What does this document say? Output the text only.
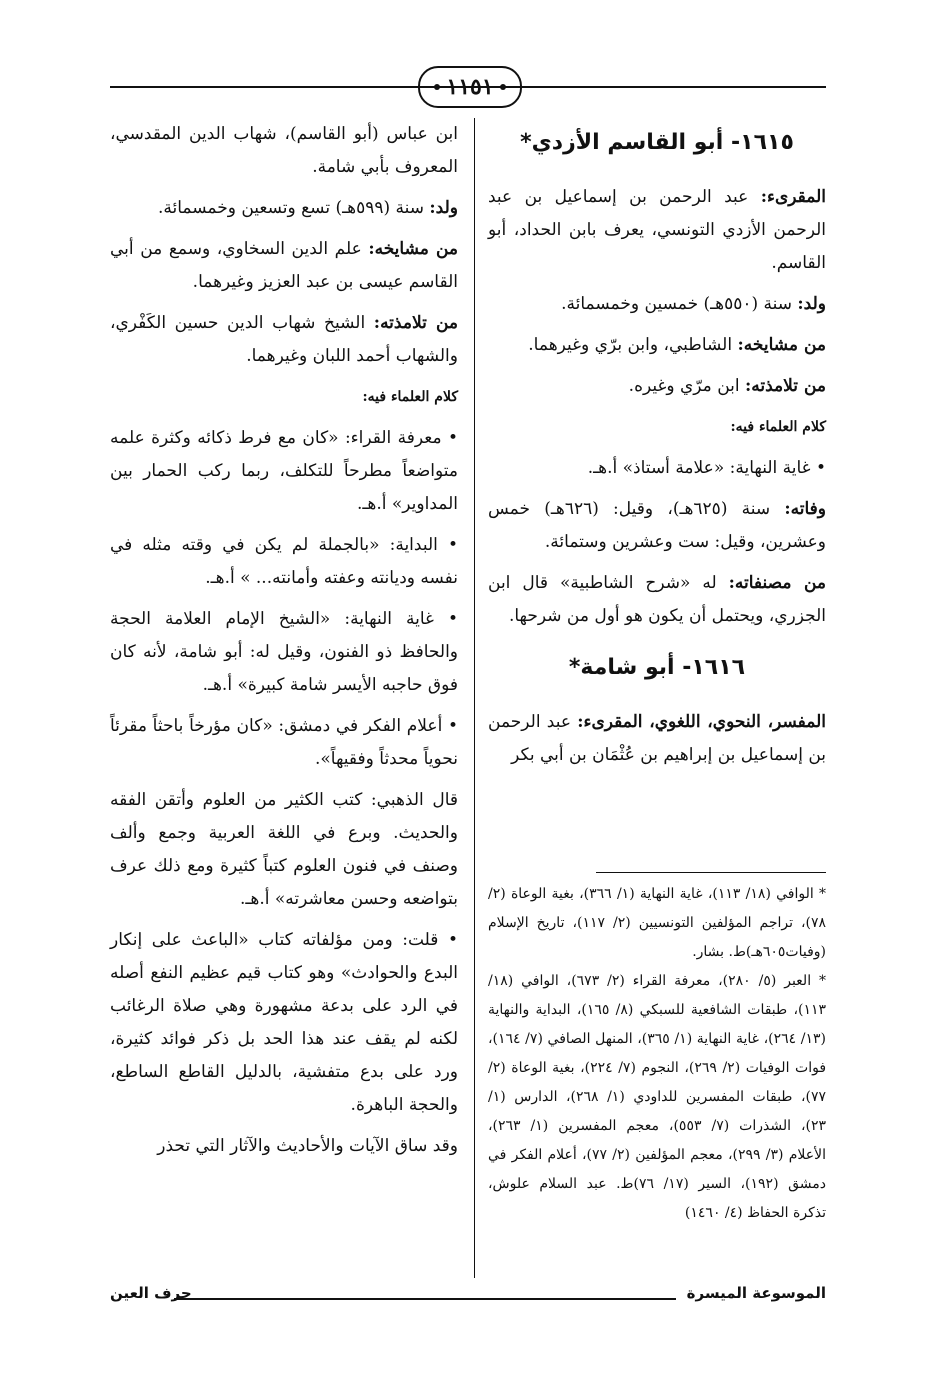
١١٥١
١٦١٥- أبو القاسم الأزدي*

المقرىء: عبد الرحمن بن إسماعيل بن عبد الرحمن الأزدي التونسي، يعرف بابن الحداد، أبو القاسم.

ولد: سنة (٥٥٠هـ) خمسين وخمسمائة.

من مشايخه: الشاطبي، وابن برّي وغيرهما.

من تلامذته: ابن مرّي وغيره.

كلام العلماء فيه:

• غاية النهاية: «علامة أستاذ» أ.هـ.

وفاته: سنة (٦٢٥هـ)، وقيل: (٦٢٦هـ) خمس وعشرين، وقيل: ست وعشرين وستمائة.

من مصنفاته: له «شرح الشاطبية» قال ابن الجزري، ويحتمل أن يكون هو أول من شرحها.

١٦١٦- أبو شامة*

المفسر، النحوي، اللغوي، المقرىء: عبد الرحمن بن إسماعيل بن إبراهيم بن عُثْمَان بن أبي بكر

* الوافي (١٨/ ١١٣)، غاية النهاية (١/ ٣٦٦)، بغية الوعاة (٢/ ٧٨)، تراجم المؤلفين التونسيين (٢/ ١١٧)، تاريخ الإسلام (وفيات٦٠٥هـ)ط. بشار.

* العبر (٥/ ٢٨٠)، معرفة القراء (٢/ ٦٧٣)، الوافي (١٨/ ١١٣)، طبقات الشافعية للسبكي (٨/ ١٦٥)، البداية والنهاية (١٣/ ٢٦٤)، غاية النهاية (١/ ٣٦٥)، المنهل الصافي (٧/ ١٦٤)، فوات الوفيات (٢/ ٢٦٩)، النجوم (٧/ ٢٢٤)، بغية الوعاة (٢/ ٧٧)، طبقات المفسرين للداودي (١/ ٢٦٨)، الدارس (١/ ٢٣)، الشذرات (٧/ ٥٥٣)، معجم المفسرين (١/ ٢٦٣)، الأعلام (٣/ ٢٩٩)، معجم المؤلفين (٢/ ٧٧)، أعلام الفكر في دمشق (١٩٢)، السير (١٧/ ٧٦)ط. عبد السلام علوش، تذكرة الحفاظ (٤/ ١٤٦٠)

ابن عباس (أبو القاسم)، شهاب الدين المقدسي، المعروف بأبي شامة.

ولد: سنة (٥٩٩هـ) تسع وتسعين وخمسمائة.

من مشايخه: علم الدين السخاوي، وسمع من أبي القاسم عيسى بن عبد العزيز وغيرهما.

من تلامذته: الشيخ شهاب الدين حسين الكَفْري، والشهاب أحمد اللبان وغيرهما.

كلام العلماء فيه:

• معرفة القراء: «كان مع فرط ذكائه وكثرة علمه متواضعاً مطرحاً للتكلف، ربما ركب الحمار بين المداوير» أ.هـ.

• البداية: «بالجملة لم يكن في وقته مثله في نفسه وديانته وعفته وأمانته... » أ.هـ.

• غاية النهاية: «الشيخ الإمام العلامة الحجة والحافظ ذو الفنون، وقيل له: أبو شامة، لأنه كان فوق حاجبه الأيسر شامة كبيرة» أ.هـ.

• أعلام الفكر في دمشق: «كان مؤرخاً باحثاً مقرئاً نحوياً محدثاً وفقيهاً».

قال الذهبي: كتب الكثير من العلوم وأتقن الفقه والحديث. وبرع في اللغة العربية وجمع وألف وصنف في فنون العلوم كتباً كثيرة ومع ذلك عرف بتواضعه وحسن معاشرته» أ.هـ.

• قلت: ومن مؤلفاته كتاب «الباعث على إنكار البدع والحوادث» وهو كتاب قيم عظيم النفع أصله في الرد على بدعة مشهورة وهي صلاة الرغائب لكنه لم يقف عند هذا الحد بل ذكر فوائد كثيرة، ورد على بدع متفشية، بالدليل القاطع الساطع، والحجة الباهرة.

وقد ساق الآيات والأحاديث والآثار التي تحذر

الموسوعة الميسرة
حرف العين
